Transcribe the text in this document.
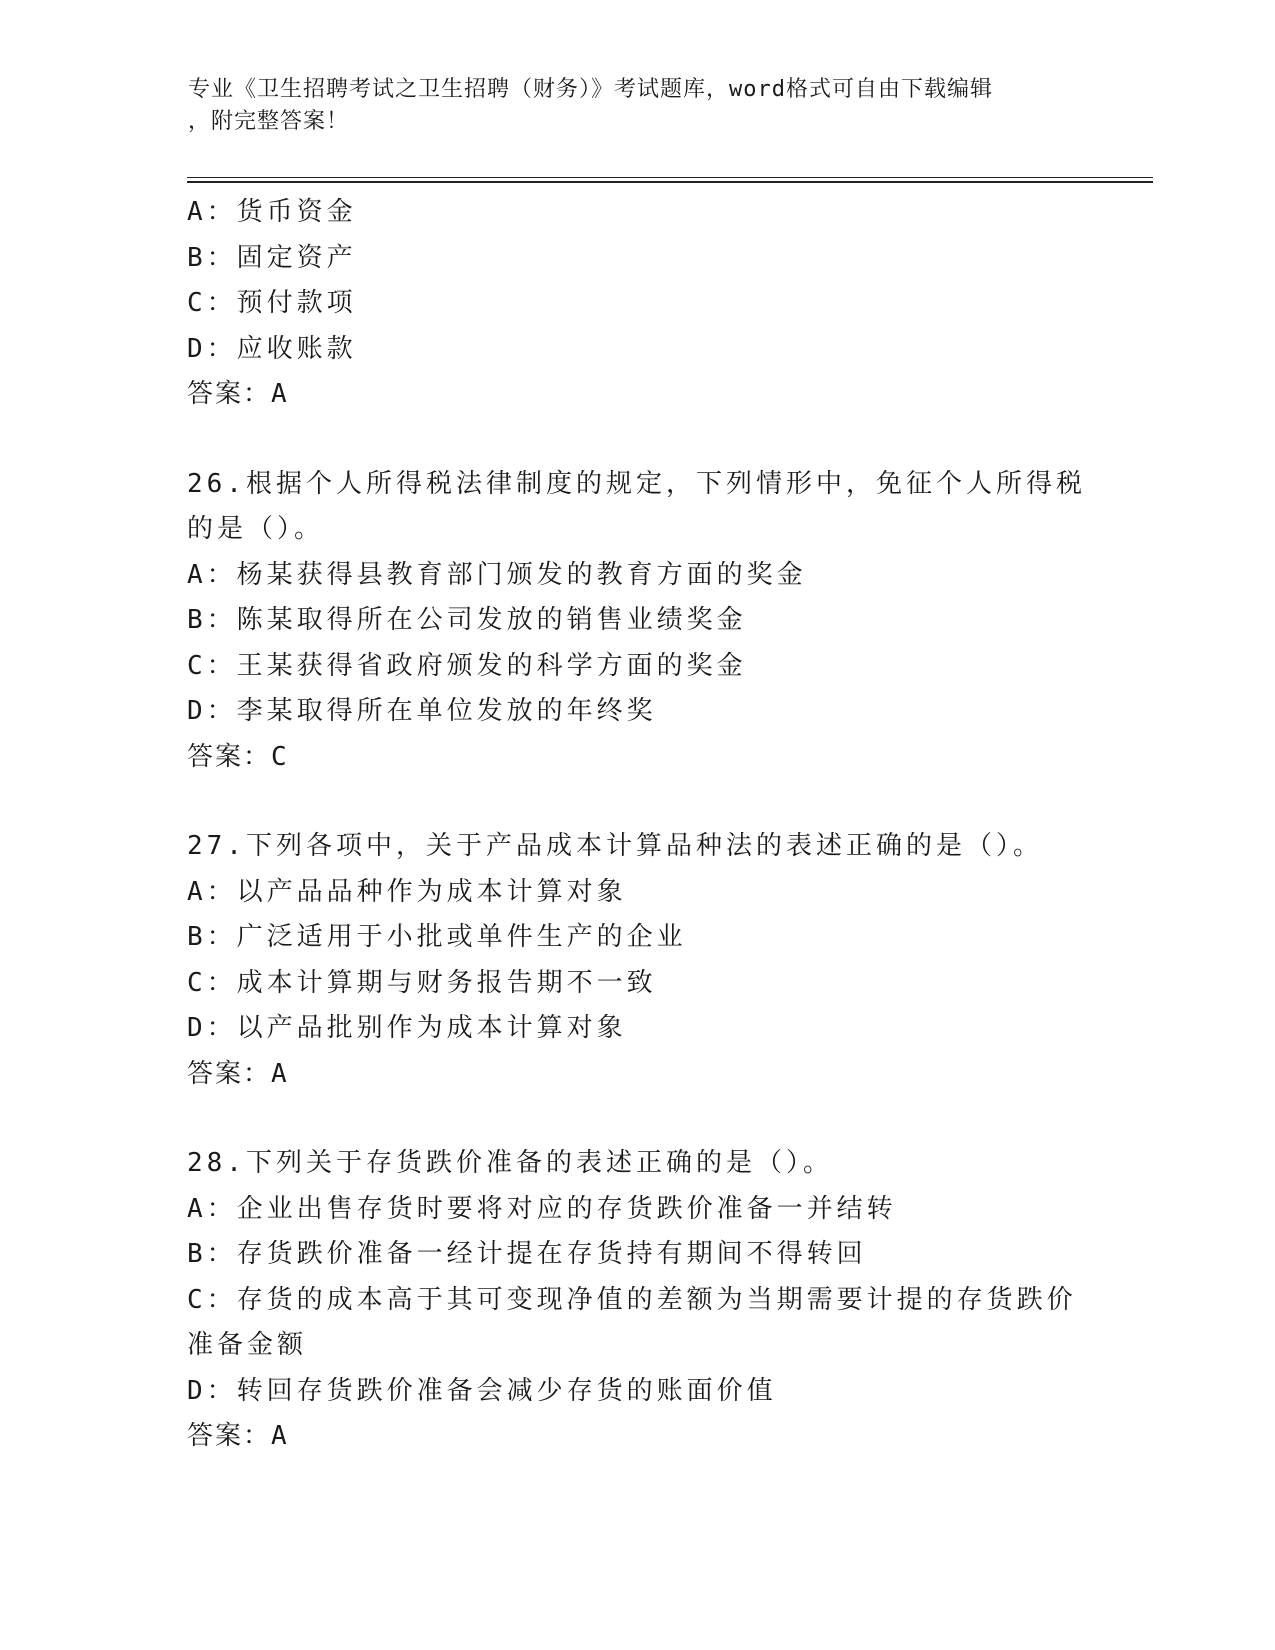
专业《卫生招聘考试之卫生招聘（财务）》考试题库，word格式可自由下载编辑
，附完整答案！
A：货币资金
B：固定资产
C：预付款项
D：应收账款
答案：A
26.根据个人所得税法律制度的规定，下列情形中，免征个人所得税的是（）。
A：杨某获得县教育部门颁发的教育方面的奖金
B：陈某取得所在公司发放的销售业绩奖金
C：王某获得省政府颁发的科学方面的奖金
D：李某取得所在单位发放的年终奖
答案：C
27.下列各项中，关于产品成本计算品种法的表述正确的是（）。
A：以产品品种作为成本计算对象
B：广泛适用于小批或单件生产的企业
C：成本计算期与财务报告期不一致
D：以产品批别作为成本计算对象
答案：A
28.下列关于存货跌价准备的表述正确的是（）。
A：企业出售存货时要将对应的存货跌价准备一并结转
B：存货跌价准备一经计提在存货持有期间不得转回
C：存货的成本高于其可变现净值的差额为当期需要计提的存货跌价准备金额
D：转回存货跌价准备会减少存货的账面价值
答案：A
